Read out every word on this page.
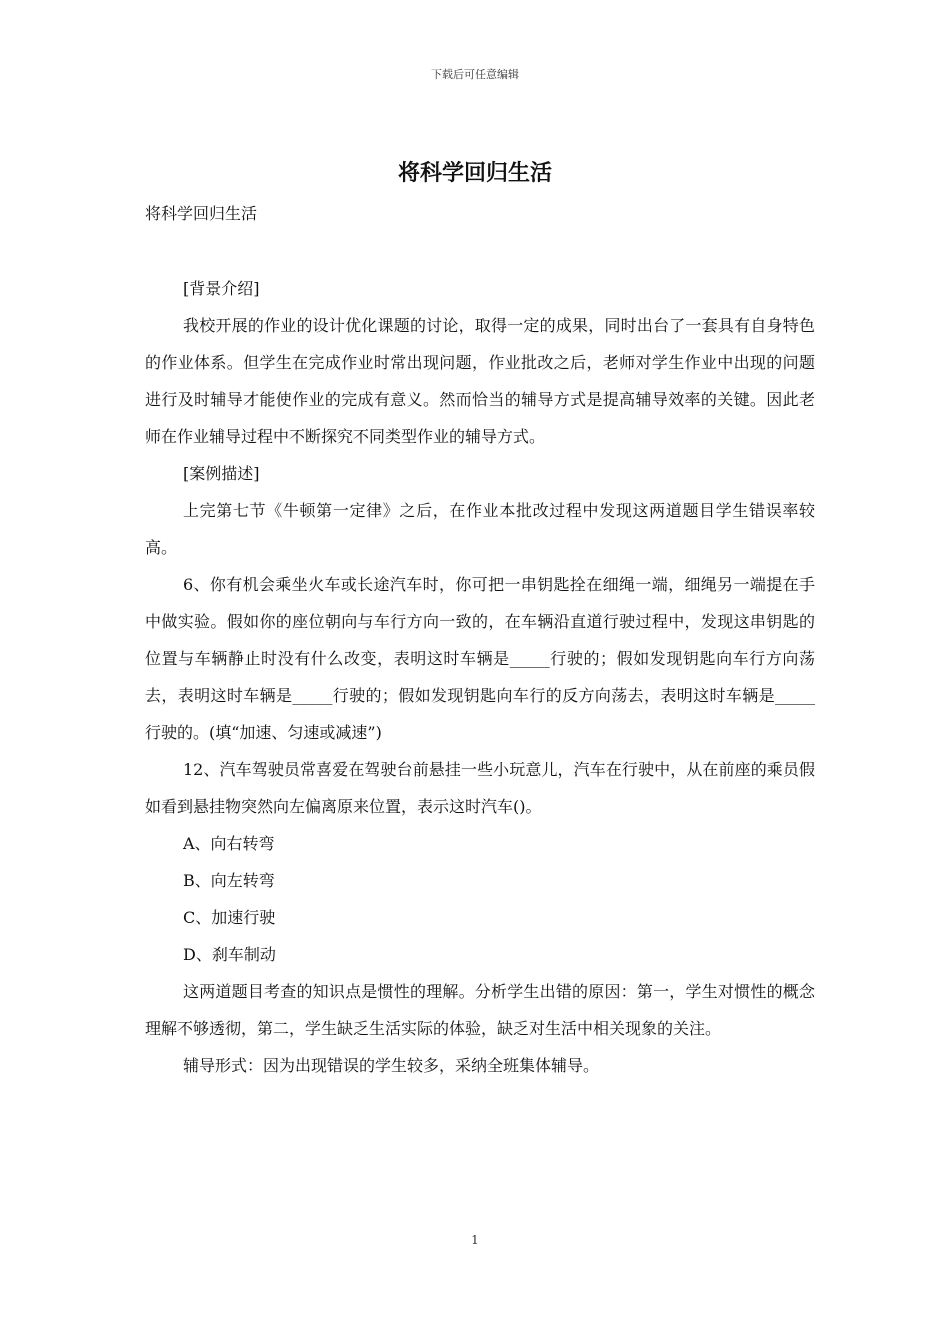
下载后可任意编辑
将科学回归生活
将科学回归生活

[背景介绍]

我校开展的作业的设计优化课题的讨论，取得一定的成果，同时出台了一套具有自身特色的作业体系。但学生在完成作业时常出现问题，作业批改之后，老师对学生作业中出现的问题进行及时辅导才能使作业的完成有意义。然而恰当的辅导方式是提高辅导效率的关键。因此老师在作业辅导过程中不断探究不同类型作业的辅导方式。

[案例描述]

上完第七节《牛顿第一定律》之后，在作业本批改过程中发现这两道题目学生错误率较高。

6、你有机会乘坐火车或长途汽车时，你可把一串钥匙拴在细绳一端，细绳另一端提在手中做实验。假如你的座位朝向与车行方向一致的，在车辆沿直道行驶过程中，发现这串钥匙的位置与车辆静止时没有什么改变，表明这时车辆是_____行驶的；假如发现钥匙向车行方向荡去，表明这时车辆是_____行驶的；假如发现钥匙向车行的反方向荡去，表明这时车辆是_____行驶的。(填“加速、匀速或减速”)

12、汽车驾驶员常喜爱在驾驶台前悬挂一些小玩意儿，汽车在行驶中，从在前座的乘员假如看到悬挂物突然向左偏离原来位置，表示这时汽车()。

A、向右转弯

B、向左转弯

C、加速行驶

D、刹车制动

这两道题目考查的知识点是惯性的理解。分析学生出错的原因：第一，学生对惯性的概念理解不够透彻，第二，学生缺乏生活实际的体验，缺乏对生活中相关现象的关注。

辅导形式：因为出现错误的学生较多，采纳全班集体辅导。

1
